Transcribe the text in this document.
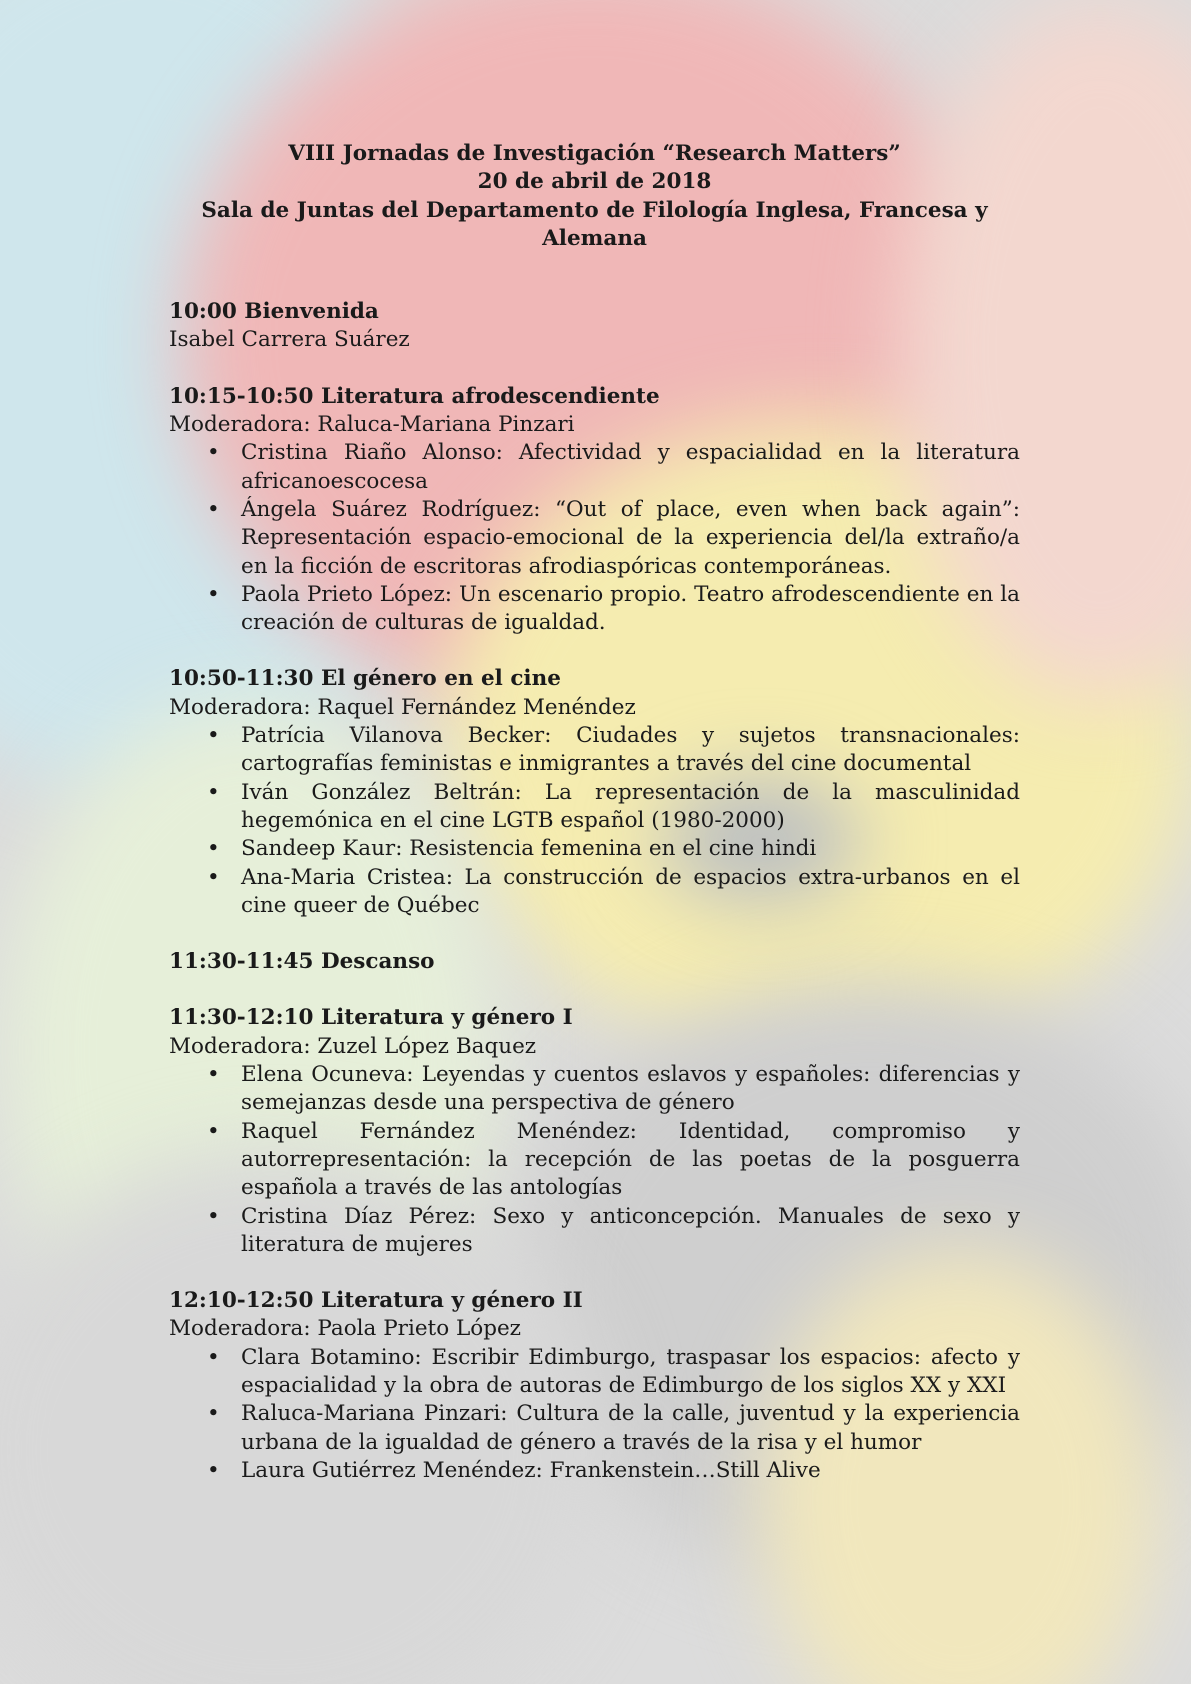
VIII Jornadas de Investigación “Research Matters”
20 de abril de 2018
Sala de Juntas del Departamento de Filología Inglesa, Francesa y
Alemana
10:00 Bienvenida
Isabel Carrera Suárez
10:15-10:50 Literatura afrodescendiente
Moderadora: Raluca-Mariana Pinzari
• Cristina Riaño Alonso: Afectividad y espacialidad en la literatura africanoescocesa
• Ángela Suárez Rodríguez: “Out of place, even when back again”: Representación espacio-emocional de la experiencia del/la extraño/a en la ficción de escritoras afrodiaspóricas contemporáneas.
• Paola Prieto López: Un escenario propio. Teatro afrodescendiente en la creación de culturas de igualdad.
10:50-11:30 El género en el cine
Moderadora: Raquel Fernández Menéndez
• Patrícia Vilanova Becker: Ciudades y sujetos transnacionales: cartografías feministas e inmigrantes a través del cine documental
• Iván González Beltrán: La representación de la masculinidad hegemónica en el cine LGTB español (1980-2000)
• Sandeep Kaur: Resistencia femenina en el cine hindi
• Ana-Maria Cristea: La construcción de espacios extra-urbanos en el cine queer de Québec
11:30-11:45 Descanso
11:30-12:10 Literatura y género I
Moderadora: Zuzel López Baquez
• Elena Ocuneva: Leyendas y cuentos eslavos y españoles: diferencias y semejanzas desde una perspectiva de género
• Raquel Fernández Menéndez: Identidad, compromiso y autorrepresentación: la recepción de las poetas de la posguerra española a través de las antologías
• Cristina Díaz Pérez: Sexo y anticoncepción. Manuales de sexo y literatura de mujeres
12:10-12:50 Literatura y género II
Moderadora: Paola Prieto López
• Clara Botamino: Escribir Edimburgo, traspasar los espacios: afecto y espacialidad y la obra de autoras de Edimburgo de los siglos XX y XXI
• Raluca-Mariana Pinzari: Cultura de la calle, juventud y la experiencia urbana de la igualdad de género a través de la risa y el humor
• Laura Gutiérrez Menéndez: Frankenstein…Still Alive
